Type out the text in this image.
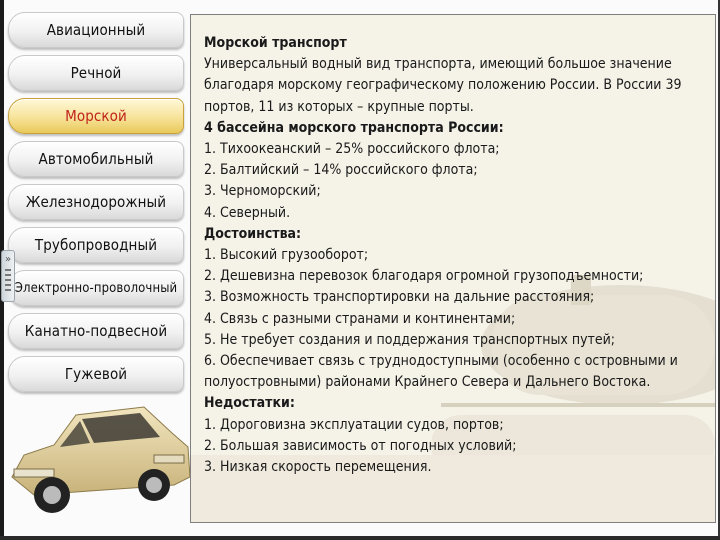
Авиационный
Речной
Морской
Автомобильный
Железнодорожный
Трубопроводный
Электронно-проволочный
Канатно-подвесной
Гужевой
»
Морской транспорт
Универсальный водный вид транспорта, имеющий большое значение благодаря морскому географическому положению России. В России 39 портов, 11 из которых – крупные порты.
4 бассейна морского транспорта России:
1. Тихоокеанский – 25% российского флота;
2. Балтийский – 14% российского флота;
3. Черноморский;
4. Северный.
Достоинства:
1. Высокий грузооборот;
2. Дешевизна перевозок благодаря огромной грузоподъемности;
3. Возможность транспортировки на дальние расстояния;
4. Связь с разными странами и континентами;
5. Не требует создания и поддержания транспортных путей;
6. Обеспечивает связь с труднодоступными (особенно с островными и полуостровными) районами Крайнего Севера и Дальнего Востока.
Недостатки:
1. Дороговизна эксплуатации судов, портов;
2. Большая зависимость от погодных условий;
3. Низкая скорость перемещения.
